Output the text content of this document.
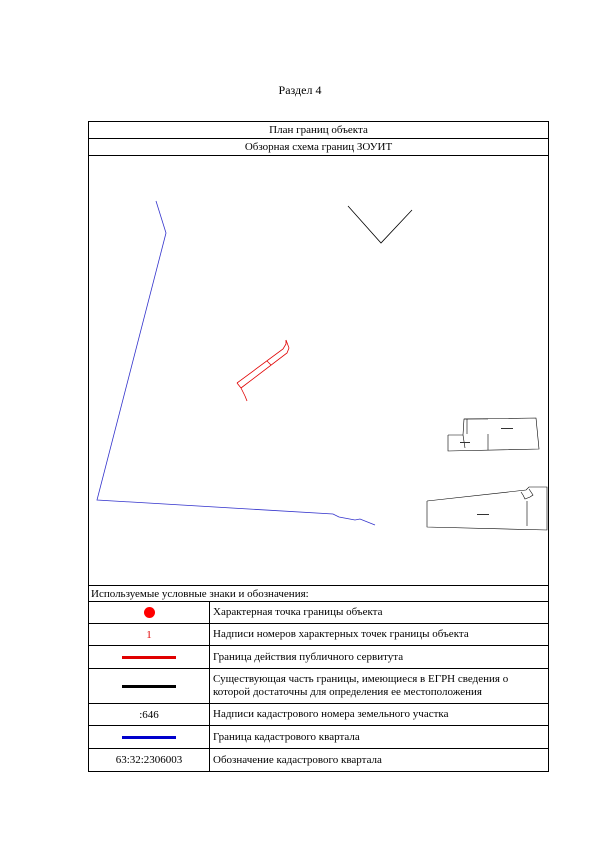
Раздел 4
План границ объекта
Обзорная схема границ ЗОУИТ
Используемые условные знаки и обозначения:
Характерная точка границы объекта
1	Надписи номеров характерных точек границы объекта
Граница действия публичного сервитута
Существующая часть границы, имеющиеся в ЕГРН сведения о которой достаточны для определения ее местоположения
:646	Надписи кадастрового номера земельного участка
Граница кадастрового квартала
63:32:2306003	Обозначение кадастрового квартала
